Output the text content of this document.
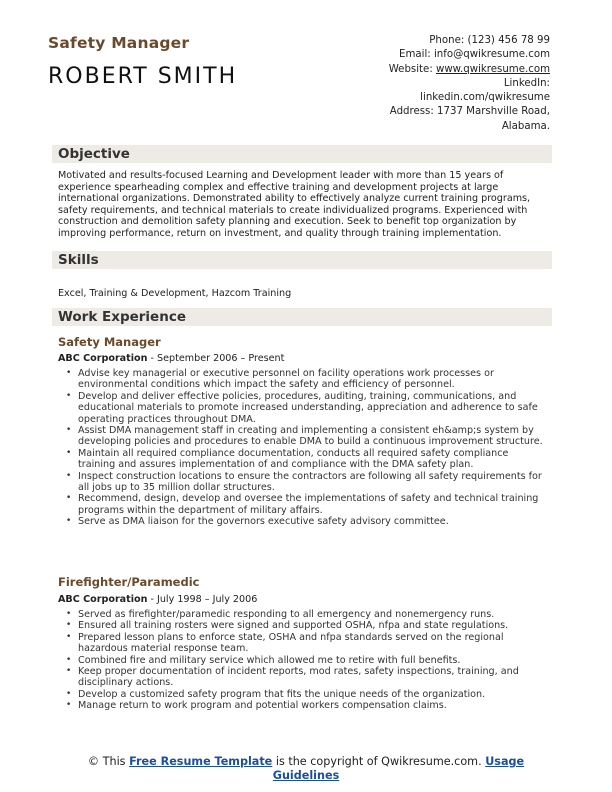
Safety Manager
ROBERT SMITH
Phone: (123) 456 78 99
Email: info@qwikresume.com
Website: www.qwikresume.com
LinkedIn:
linkedin.com/qwikresume
Address: 1737 Marshville Road,
Alabama.
Objective
Motivated and results-focused Learning and Development leader with more than 15 years of experience spearheading complex and effective training and development projects at large international organizations. Demonstrated ability to effectively analyze current training programs, safety requirements, and technical materials to create individualized programs. Experienced with construction and demolition safety planning and execution. Seek to benefit top organization by improving performance, return on investment, and quality through training implementation.
Skills
Excel, Training & Development, Hazcom Training
Work Experience
Safety Manager
ABC Corporation - September 2006 – Present
• Advise key managerial or executive personnel on facility operations work processes or environmental conditions which impact the safety and efficiency of personnel.
• Develop and deliver effective policies, procedures, auditing, training, communications, and educational materials to promote increased understanding, appreciation and adherence to safe operating practices throughout DMA.
• Assist DMA management staff in creating and implementing a consistent eh&amp;s system by developing policies and procedures to enable DMA to build a continuous improvement structure.
• Maintain all required compliance documentation, conducts all required safety compliance training and assures implementation of and compliance with the DMA safety plan.
• Inspect construction locations to ensure the contractors are following all safety requirements for all jobs up to 35 million dollar structures.
• Recommend, design, develop and oversee the implementations of safety and technical training programs within the department of military affairs.
• Serve as DMA liaison for the governors executive safety advisory committee.
Firefighter/Paramedic
ABC Corporation - July 1998 – July 2006
• Served as firefighter/paramedic responding to all emergency and nonemergency runs.
• Ensured all training rosters were signed and supported OSHA, nfpa and state regulations.
• Prepared lesson plans to enforce state, OSHA and nfpa standards served on the regional hazardous material response team.
• Combined fire and military service which allowed me to retire with full benefits.
• Keep proper documentation of incident reports, mod rates, safety inspections, training, and disciplinary actions.
• Develop a customized safety program that fits the unique needs of the organization.
• Manage return to work program and potential workers compensation claims.
© This Free Resume Template is the copyright of Qwikresume.com. Usage
Guidelines
